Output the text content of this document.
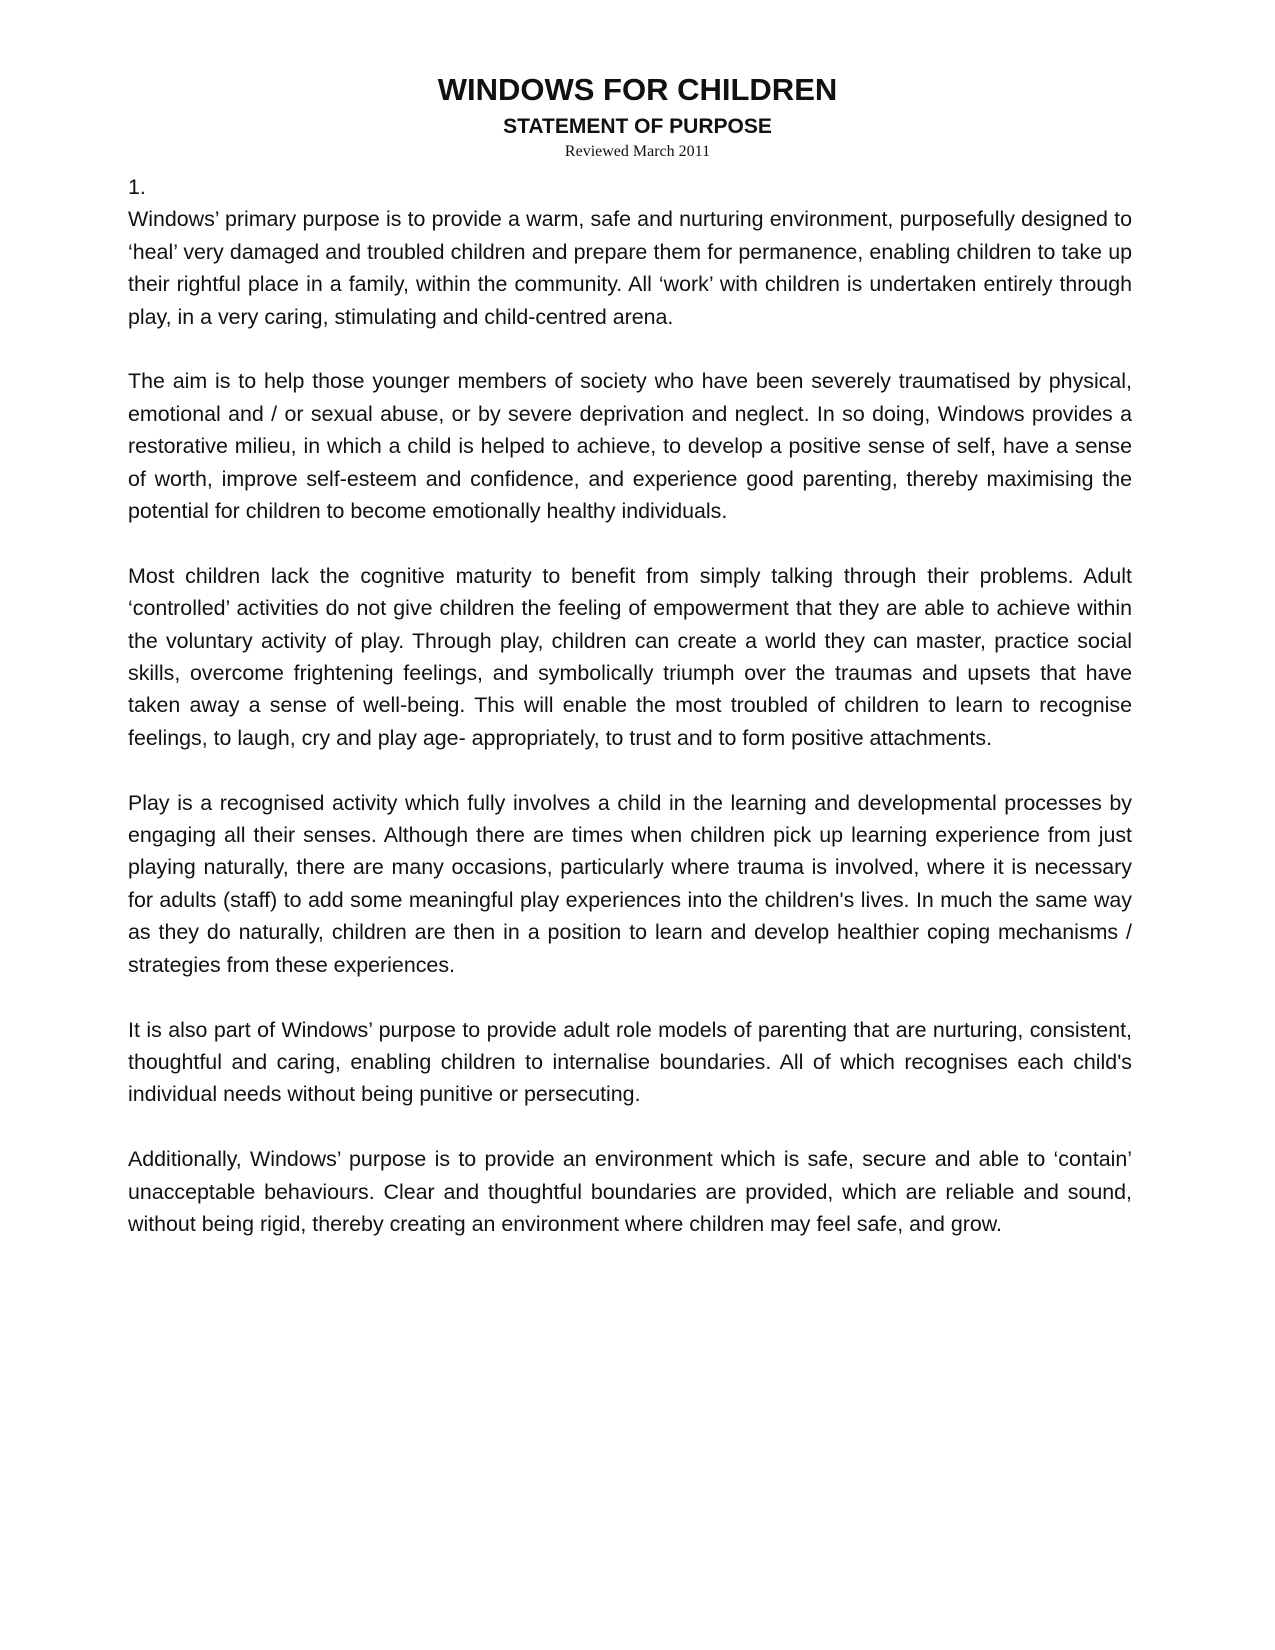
WINDOWS FOR CHILDREN
STATEMENT OF PURPOSE

Reviewed March 2011

1.

Windows’ primary purpose is to provide a warm, safe and nurturing environment, purposefully designed to ‘heal’ very damaged and troubled children and prepare them for permanence, enabling children to take up their rightful place in a family, within the community. All ‘work’ with children is undertaken entirely through play, in a very caring, stimulating and child-centred arena.

The aim is to help those younger members of society who have been severely traumatised by physical, emotional and / or sexual abuse, or by severe deprivation and neglect. In so doing, Windows provides a restorative milieu, in which a child is helped to achieve, to develop a positive sense of self, have a sense of worth, improve self-esteem and confidence, and experience good parenting, thereby maximising the potential for children to become emotionally healthy individuals.

Most children lack the cognitive maturity to benefit from simply talking through their problems. Adult ‘controlled’ activities do not give children the feeling of empowerment that they are able to achieve within the voluntary activity of play. Through play, children can create a world they can master, practice social skills, overcome frightening feelings, and symbolically triumph over the traumas and upsets that have taken away a sense of well-being. This will enable the most troubled of children to learn to recognise feelings, to laugh, cry and play age- appropriately, to trust and to form positive attachments.

Play is a recognised activity which fully involves a child in the learning and developmental processes by engaging all their senses. Although there are times when children pick up learning experience from just playing naturally, there are many occasions, particularly where trauma is involved, where it is necessary for adults (staff) to add some meaningful play experiences into the children's lives. In much the same way as they do naturally, children are then in a position to learn and develop healthier coping mechanisms / strategies from these experiences.

It is also part of Windows’ purpose to provide adult role models of parenting that are nurturing, consistent, thoughtful and caring, enabling children to internalise boundaries. All of which recognises each child's individual needs without being punitive or persecuting.

Additionally, Windows’ purpose is to provide an environment which is safe, secure and able to ‘contain’ unacceptable behaviours. Clear and thoughtful boundaries are provided, which are reliable and sound, without being rigid, thereby creating an environment where children may feel safe, and grow.
